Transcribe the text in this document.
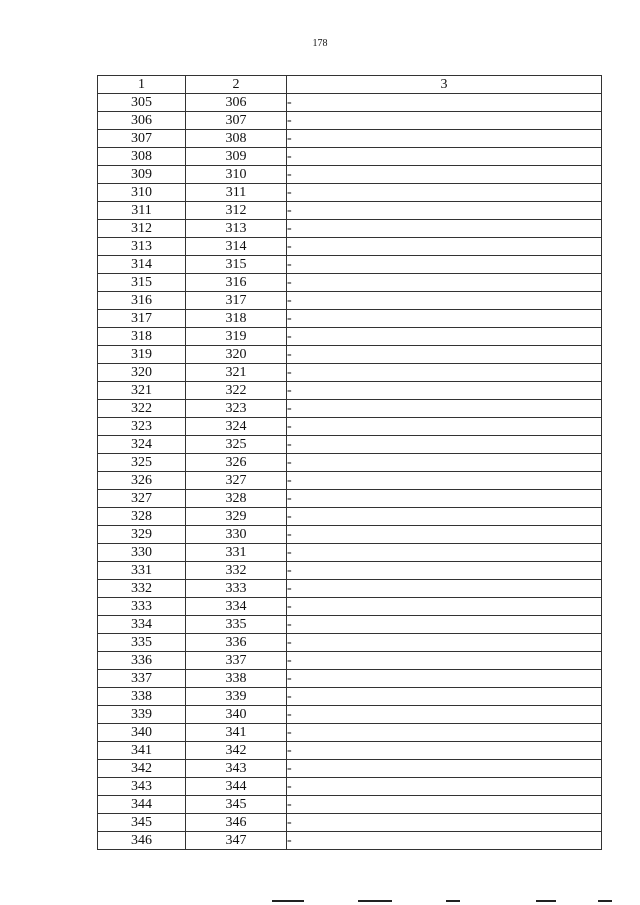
178
1	2	3
305	306	-
306	307	-
307	308	-
308	309	-
309	310	-
310	311	-
311	312	-
312	313	-
313	314	-
314	315	-
315	316	-
316	317	-
317	318	-
318	319	-
319	320	-
320	321	-
321	322	-
322	323	-
323	324	-
324	325	-
325	326	-
326	327	-
327	328	-
328	329	-
329	330	-
330	331	-
331	332	-
332	333	-
333	334	-
334	335	-
335	336	-
336	337	-
337	338	-
338	339	-
339	340	-
340	341	-
341	342	-
342	343	-
343	344	-
344	345	-
345	346	-
346	347	-
